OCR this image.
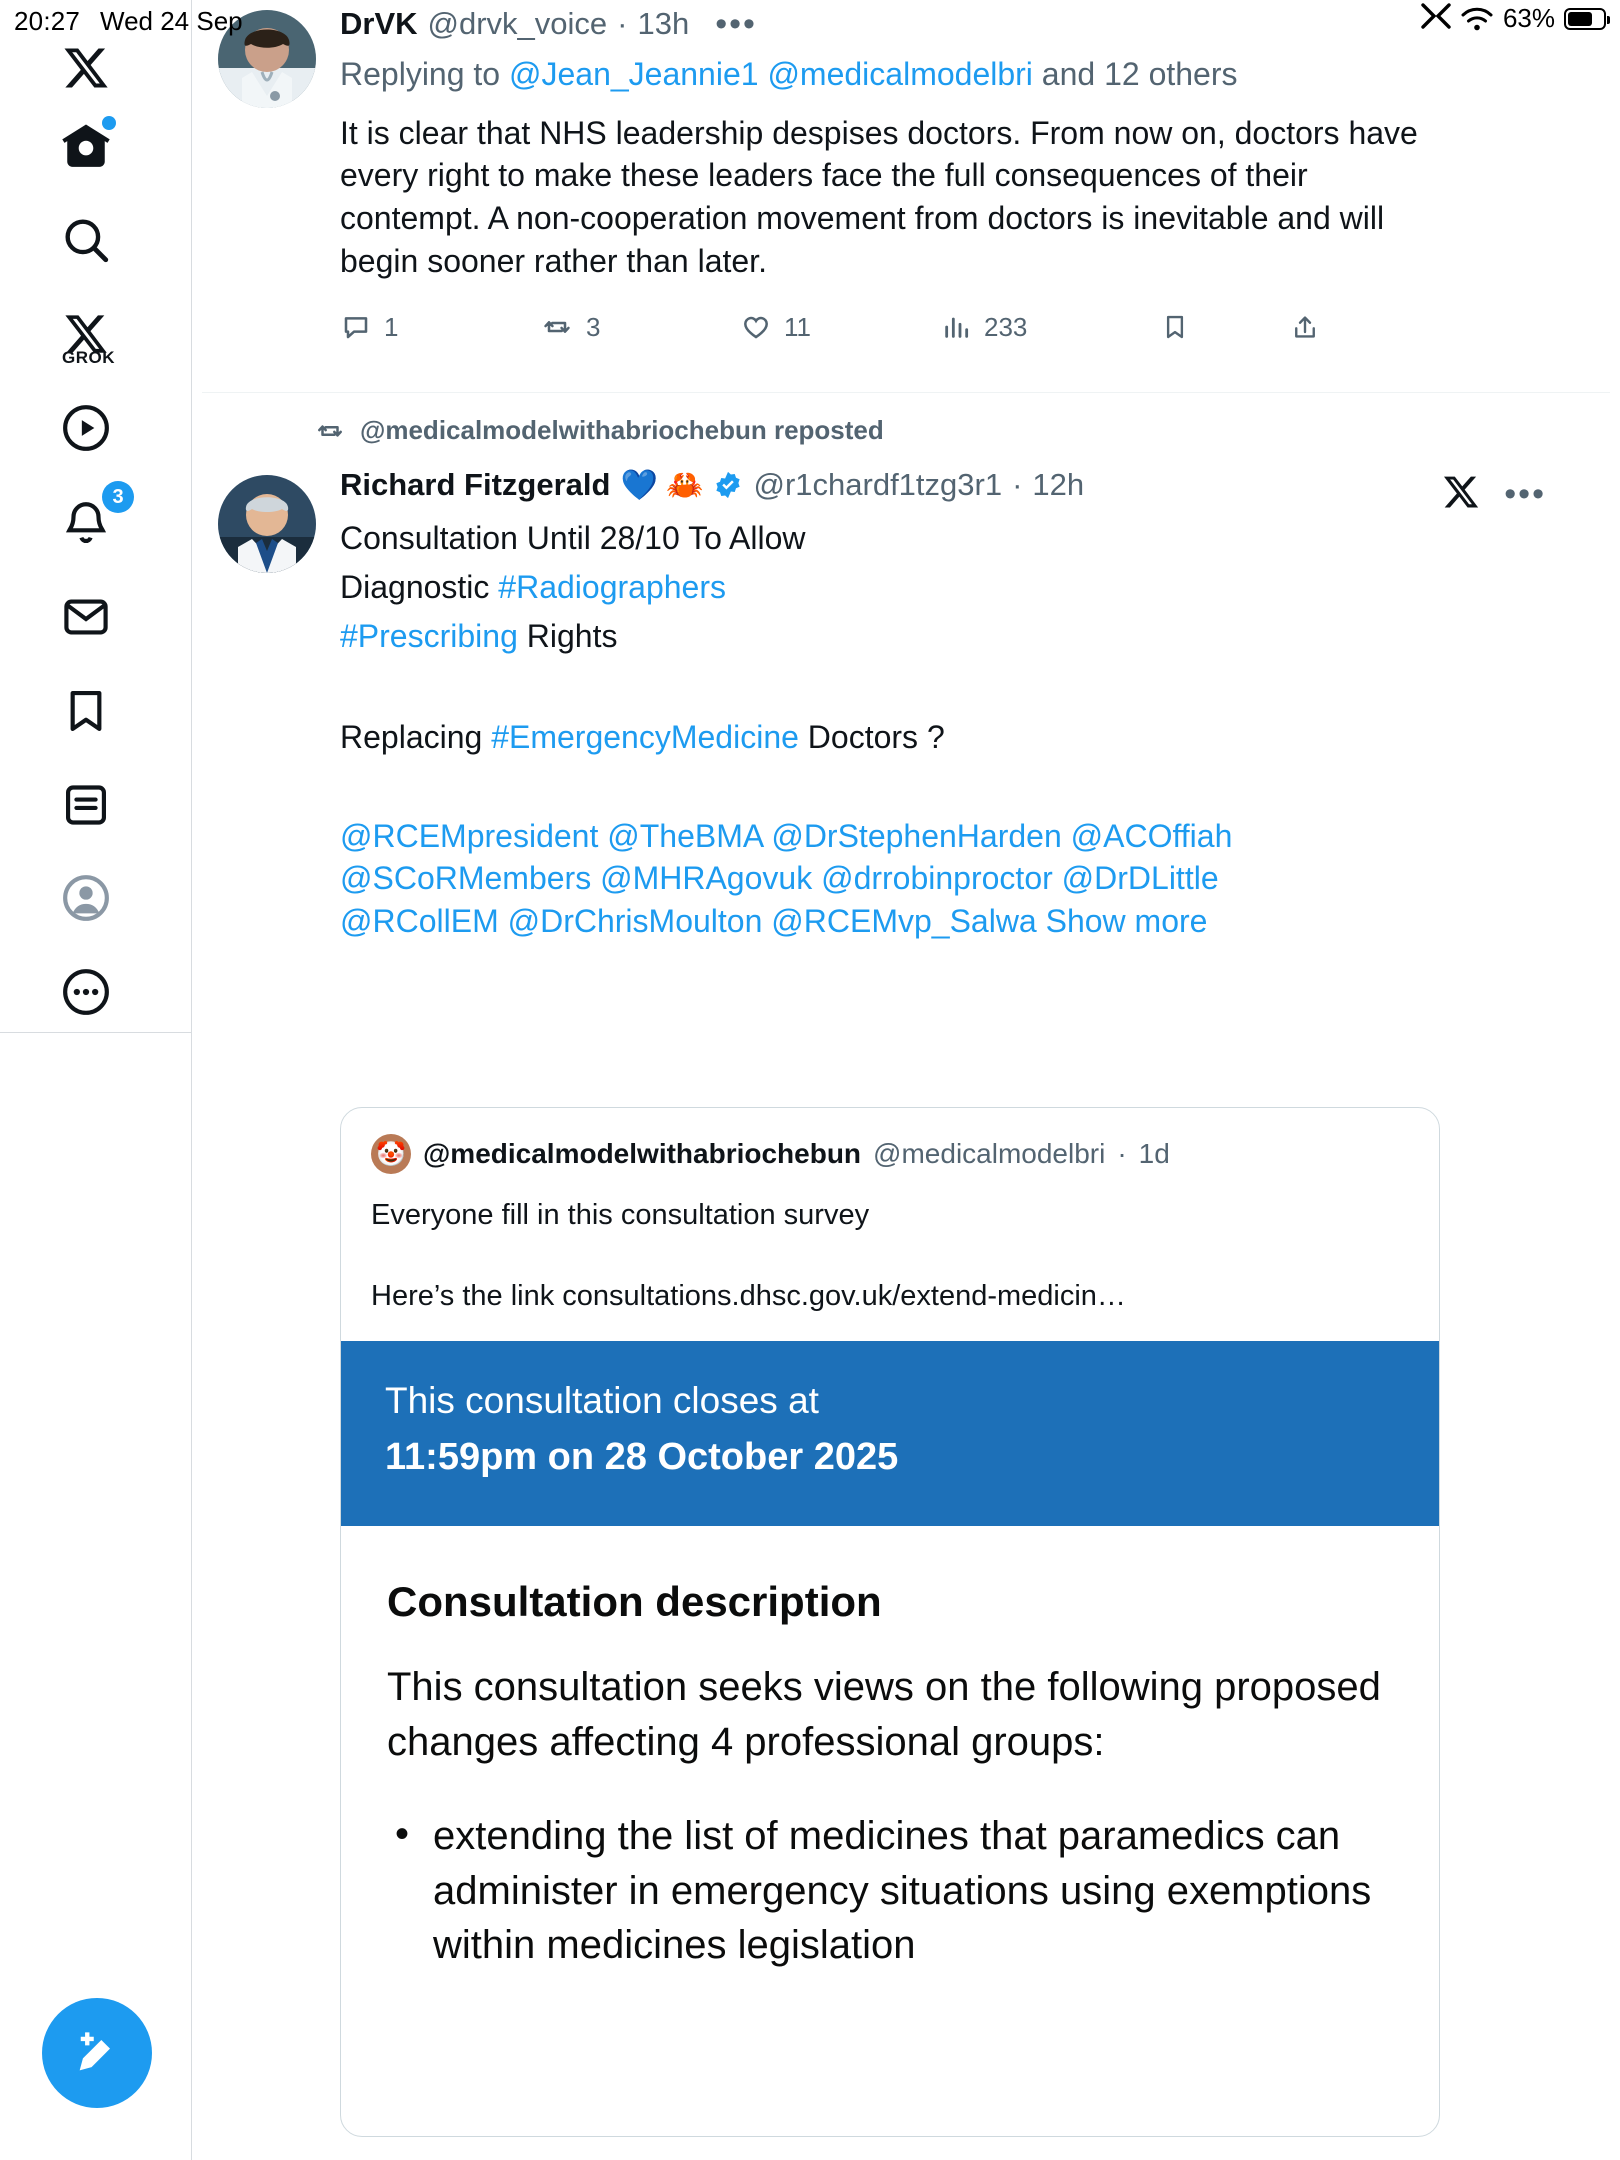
20:27 Wed 24 Sep	63%
GROK
3
DrVK @drvk_voice · 13h •••
Replying to @Jean_Jeannie1 @medicalmodelbri and 12 others
It is clear that NHS leadership despises doctors. From now on, doctors have every right to make these leaders face the full consequences of their contempt. A non-cooperation movement from doctors is inevitable and will begin sooner rather than later.
1	3	11	233
@medicalmodelwithabriochebun reposted
Richard Fitzgerald 💙 🦀 @r1chardf1tzg3r1 · 12h
Consultation Until 28/10 To Allow
Diagnostic #Radiographers
#Prescribing Rights
Replacing #EmergencyMedicine Doctors ?
@RCEMpresident @TheBMA @DrStephenHarden @ACOffiah @SCoRMembers @MHRAgovuk @drrobinproctor @DrDLittle @RCollEM @DrChrisMoulton @RCEMvp_Salwa Show more
•••
🤡 @medicalmodelwithabriochebun @medicalmodelbri · 1d
Everyone fill in this consultation survey
Here’s the link consultations.dhsc.gov.uk/extend-medicin…
This consultation closes at
11:59pm on 28 October 2025
Consultation description
This consultation seeks views on the following proposed changes affecting 4 professional groups:
• extending the list of medicines that paramedics can administer in emergency situations using exemptions within medicines legislation
